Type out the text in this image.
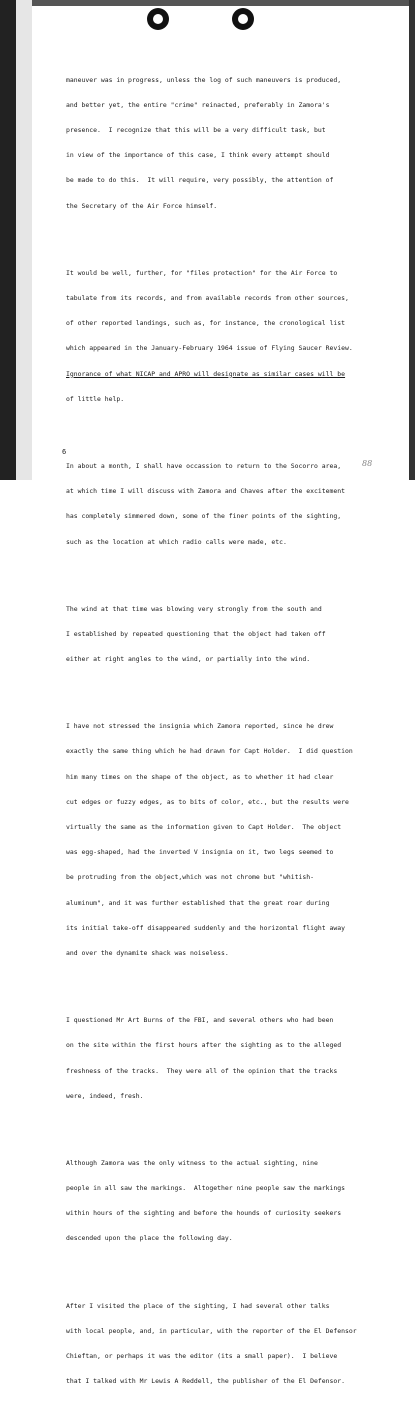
maneuver was in progress, unless the log of such maneuvers is produced,

and better yet, the entire "crime" reinacted, preferably in Zamora's

presence.  I recognize that this will be a very difficult task, but

in view of the importance of this case, I think every attempt should

be made to do this.  It will require, very possibly, the attention of

the Secretary of the Air Force himself.

It would be well, further, for "files protection" for the Air Force to

tabulate from its records, and from available records from other sources,

of other reported landings, such as, for instance, the cronological list

which appeared in the January-February 1964 issue of Flying Saucer Review.

Ignorance of what NICAP and APRO will designate as similar cases will be

of little help.

In about a month, I shall have occassion to return to the Socorro area,

at which time I will discuss with Zamora and Chaves after the excitement

has completely simmered down, some of the finer points of the sighting,

such as the location at which radio calls were made, etc.

The wind at that time was blowing very strongly from the south and

I established by repeated questioning that the object had taken off

either at right angles to the wind, or partially into the wind.

I have not stressed the insignia which Zamora reported, since he drew

exactly the same thing which he had drawn for Capt Holder.  I did question

him many times on the shape of the object, as to whether it had clear

cut edges or fuzzy edges, as to bits of color, etc., but the results were

virtually the same as the information given to Capt Holder.  The object

was egg-shaped, had the inverted V insignia on it, two legs seemed to

be protruding from the object,which was not chrome but "whitish-

aluminum", and it was further established that the great roar during

its initial take-off disappeared suddenly and the horizontal flight away

and over the dynamite shack was noiseless.

I questioned Mr Art Burns of the FBI, and several others who had been

on the site within the first hours after the sighting as to the alleged

freshness of the tracks.  They were all of the opinion that the tracks

were, indeed, fresh.

Although Zamora was the only witness to the actual sighting, nine

people in all saw the markings.  Altogether nine people saw the markings

within hours of the sighting and before the hounds of curiosity seekers

descended upon the place the following day.

After I visited the place of the sighting, I had several other talks

with local people, and, in particular, with the reporter of the El Defensor

Chieftan, or perhaps it was the editor (its a small paper).  I believe

that I talked with Mr Lewis A Reddell, the publisher of the El Defensor.

6
88
